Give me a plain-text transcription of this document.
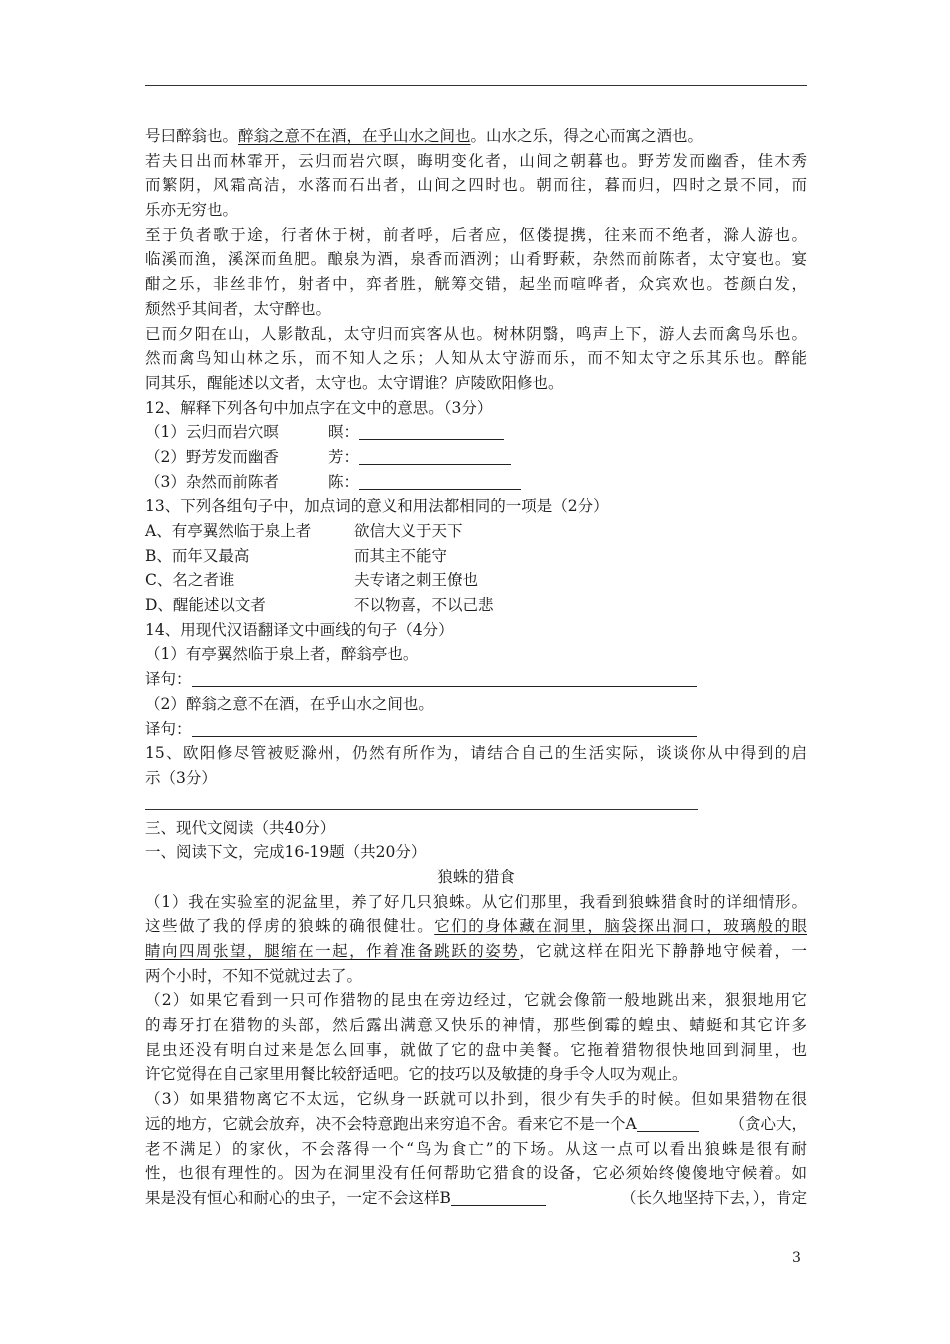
号曰醉翁也。醉翁之意不在酒，在乎山水之间也。山水之乐，得之心而寓之酒也。
若夫日出而林霏开，云归而岩穴暝，晦明变化者，山间之朝暮也。野芳发而幽香，佳木秀
而繁阴，风霜高洁，水落而石出者，山间之四时也。朝而往，暮而归，四时之景不同，而
乐亦无穷也。
至于负者歌于途，行者休于树，前者呼，后者应，伛偻提携，往来而不绝者，滁人游也。
临溪而渔，溪深而鱼肥。酿泉为酒，泉香而酒洌；山肴野蔌，杂然而前陈者，太守宴也。宴
酣之乐，非丝非竹，射者中，弈者胜，觥筹交错，起坐而喧哗者，众宾欢也。苍颜白发，
颓然乎其间者，太守醉也。
已而夕阳在山，人影散乱，太守归而宾客从也。树林阴翳，鸣声上下，游人去而禽鸟乐也。
然而禽鸟知山林之乐，而不知人之乐；人知从太守游而乐，而不知太守之乐其乐也。醉能
同其乐，醒能述以文者，太守也。太守谓谁？庐陵欧阳修也。
12、解释下列各句中加点字在文中的意思。（3分）
（1）云归而岩穴暝	暝：
（2）野芳发而幽香	芳：
（3）杂然而前陈者	陈：
13、下列各组句子中，加点词的意义和用法都相同的一项是（2分）
A、有亭翼然临于泉上者	欲信大义于天下
B、而年又最高	而其主不能守
C、名之者谁	夫专诸之刺王僚也
D、醒能述以文者	不以物喜，不以己悲
14、用现代汉语翻译文中画线的句子（4分）
（1）有亭翼然临于泉上者，醉翁亭也。
译句：
（2）醉翁之意不在酒，在乎山水之间也。
译句：
15、欧阳修尽管被贬滁州，仍然有所作为，请结合自己的生活实际，谈谈你从中得到的启
示（3分）
三、现代文阅读（共40分）
一、阅读下文，完成16-19题（共20分）
狼蛛的猎食
（1）我在实验室的泥盆里，养了好几只狼蛛。从它们那里，我看到狼蛛猎食时的详细情形。
这些做了我的俘虏的狼蛛的确很健壮。它们的身体藏在洞里，脑袋探出洞口，玻璃般的眼
睛向四周张望，腿缩在一起，作着准备跳跃的姿势，它就这样在阳光下静静地守候着，一
两个小时，不知不觉就过去了。
（2）如果它看到一只可作猎物的昆虫在旁边经过，它就会像箭一般地跳出来，狠狠地用它
的毒牙打在猎物的头部，然后露出满意又快乐的神情，那些倒霉的蝗虫、蜻蜓和其它许多
昆虫还没有明白过来是怎么回事，就做了它的盘中美餐。它拖着猎物很快地回到洞里，也
许它觉得在自己家里用餐比较舒适吧。它的技巧以及敏捷的身手令人叹为观止。
（3）如果猎物离它不太远，它纵身一跃就可以扑到，很少有失手的时候。但如果猎物在很
远的地方，它就会放弃，决不会特意跑出来穷追不舍。看来它不是一个A	（贪心大，
老不满足）的家伙，不会落得一个“鸟为食亡”的下场。从这一点可以看出狼蛛是很有耐
性，也很有理性的。因为在洞里没有任何帮助它猎食的设备，它必须始终傻傻地守候着。如
果是没有恒心和耐心的虫子，一定不会这样B	（长久地坚持下去，），肯定
3
